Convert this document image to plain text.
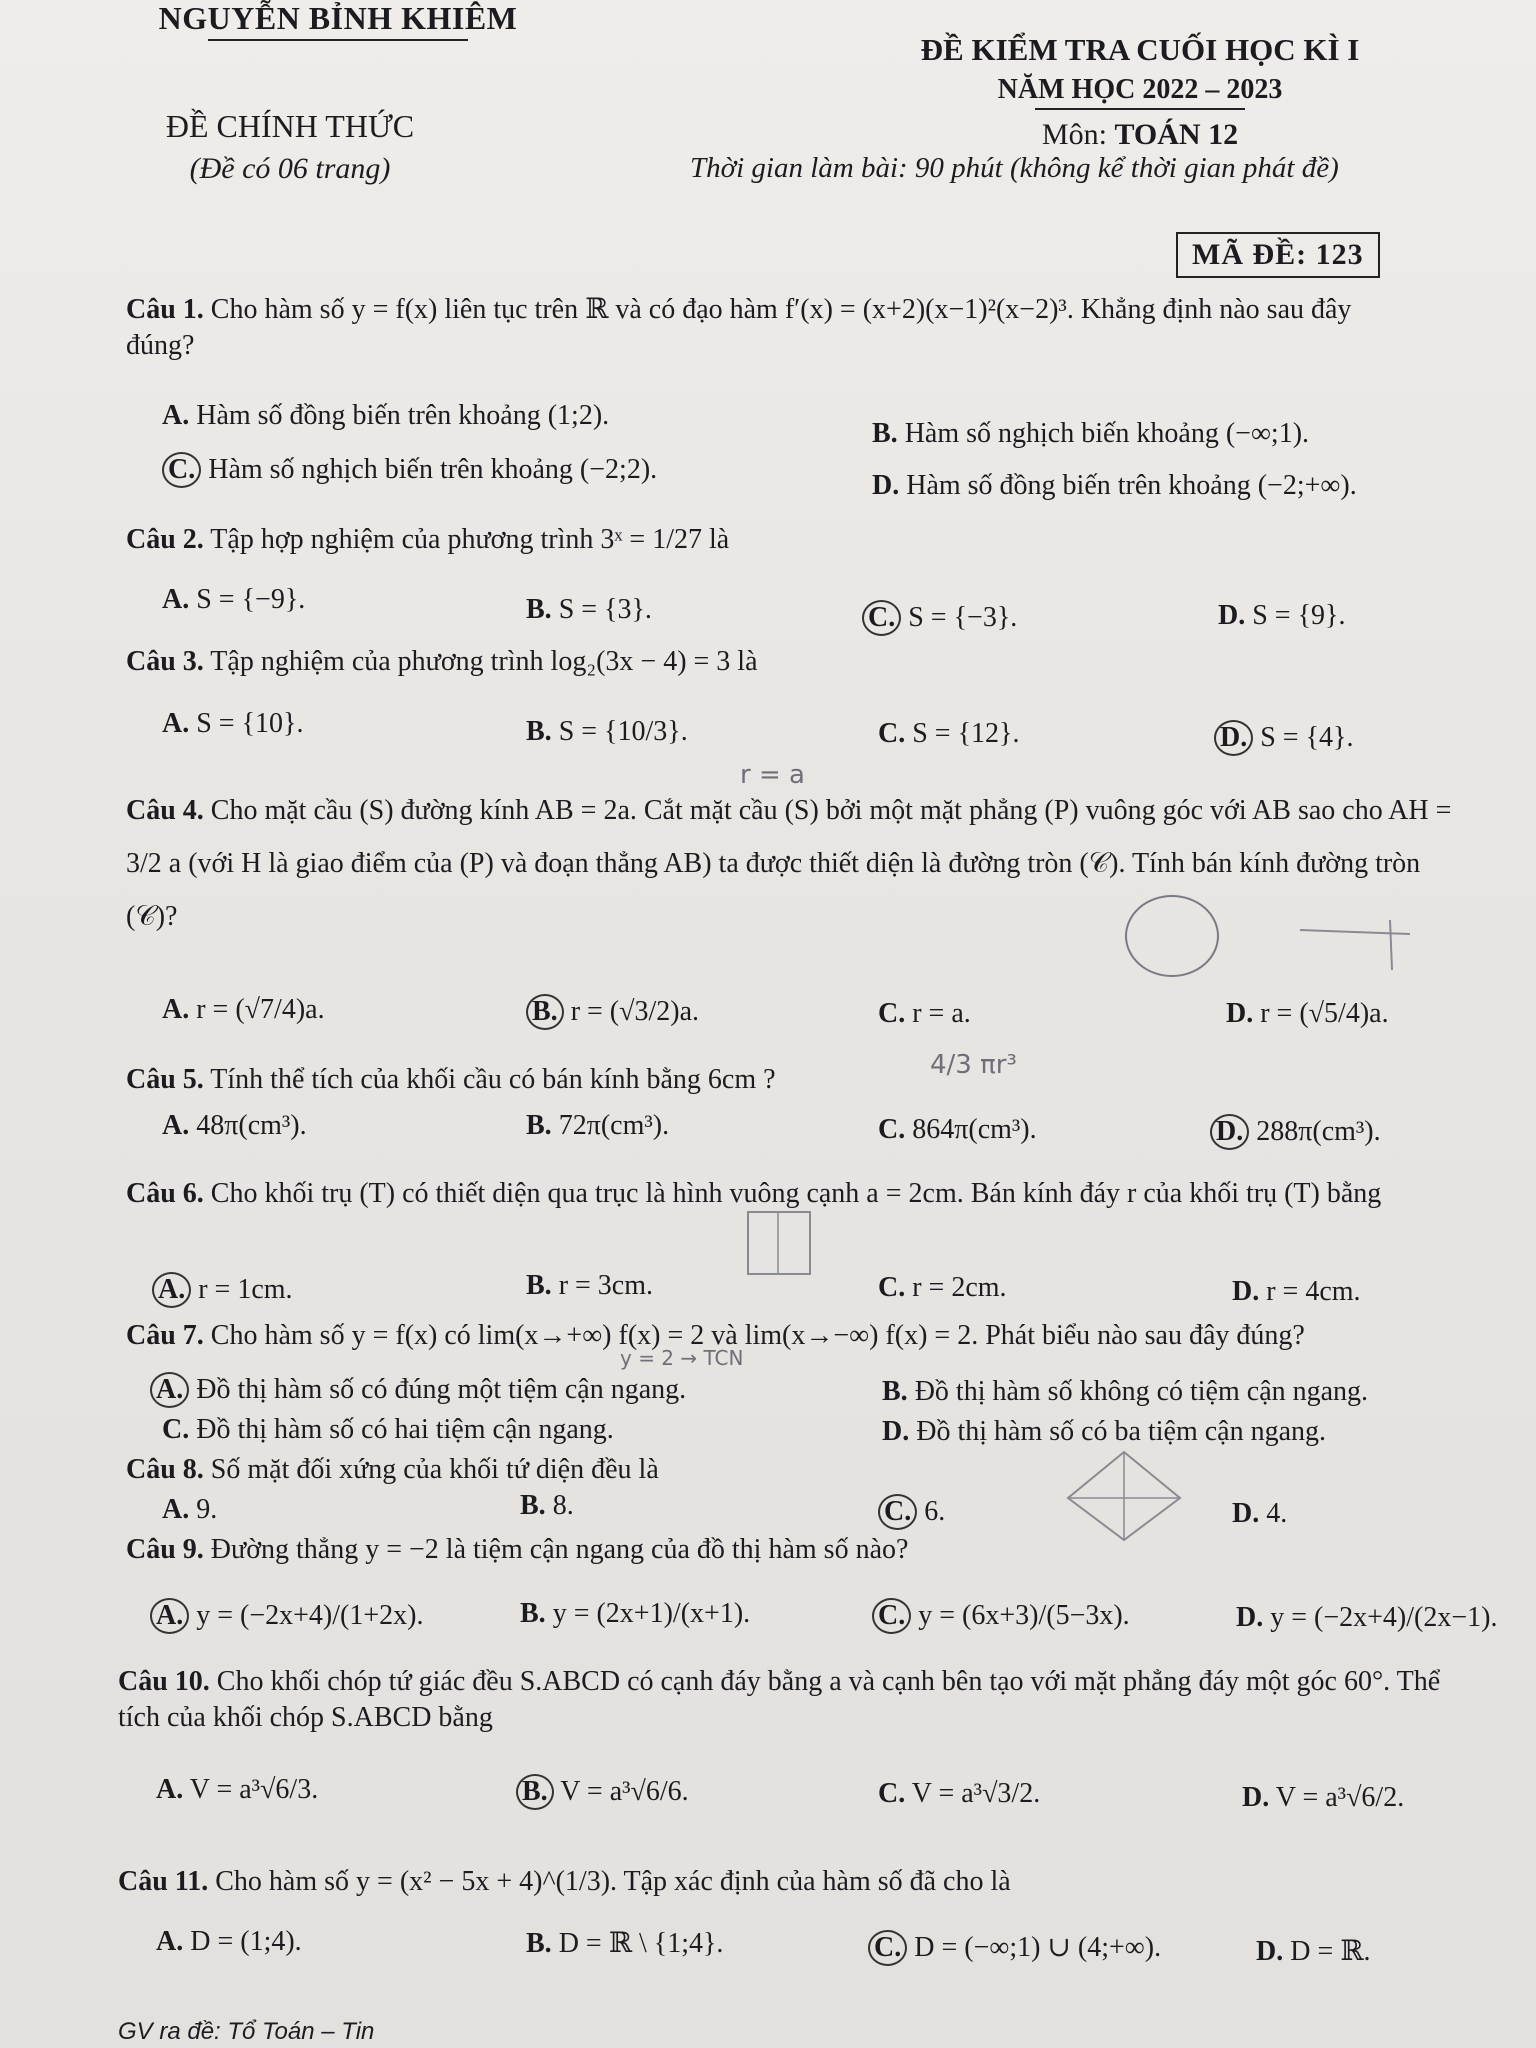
NGUYỄN BỈNH KHIÊM
ĐỀ CHÍNH THỨC
(Đề có 06 trang)
ĐỀ KIỂM TRA CUỐI HỌC KÌ I
NĂM HỌC 2022 – 2023
Môn: TOÁN 12
Thời gian làm bài: 90 phút (không kể thời gian phát đề)
MÃ ĐỀ: 123
Câu 1. Cho hàm số y = f(x) liên tục trên ℝ và có đạo hàm f′(x) = (x+2)(x−1)²(x−2)³. Khẳng định nào sau đây đúng?
A. Hàm số đồng biến trên khoảng (1;2).
B. Hàm số nghịch biến khoảng (−∞;1).
C. Hàm số nghịch biến trên khoảng (−2;2).
D. Hàm số đồng biến trên khoảng (−2;+∞).
Câu 2. Tập hợp nghiệm của phương trình 3ˣ = 1/27 là
A. S = {−9}.	B. S = {3}.	C. S = {−3}.	D. S = {9}.
Câu 3. Tập nghiệm của phương trình log₂(3x − 4) = 3 là
A. S = {10}.	B. S = {10/3}.	C. S = {12}.	D. S = {4}.
r = a
Câu 4. Cho mặt cầu (S) đường kính AB = 2a. Cắt mặt cầu (S) bởi một mặt phẳng (P) vuông góc với AB sao cho AH = 3/2 a (với H là giao điểm của (P) và đoạn thẳng AB) ta được thiết diện là đường tròn (𝒞). Tính bán kính đường tròn (𝒞)?
A. r = (√7/4)a.	B. r = (√3/2)a.	C. r = a.	D. r = (√5/4)a.
Câu 5. Tính thể tích của khối cầu có bán kính bằng 6cm ?	4/3 πr³
A. 48π(cm³).	B. 72π(cm³).	C. 864π(cm³).	D. 288π(cm³).
Câu 6. Cho khối trụ (T) có thiết diện qua trục là hình vuông cạnh a = 2cm. Bán kính đáy r của khối trụ (T) bằng
A. r = 1cm.	B. r = 3cm.	C. r = 2cm.	D. r = 4cm.
Câu 7. Cho hàm số y = f(x) có lim(x→+∞) f(x) = 2 và lim(x→−∞) f(x) = 2. Phát biểu nào sau đây đúng?
y = 2 → TCN
A. Đồ thị hàm số có đúng một tiệm cận ngang.	B. Đồ thị hàm số không có tiệm cận ngang.
C. Đồ thị hàm số có hai tiệm cận ngang.	D. Đồ thị hàm số có ba tiệm cận ngang.
Câu 8. Số mặt đối xứng của khối tứ diện đều là
A. 9.	B. 8.	C. 6.	D. 4.
Câu 9. Đường thẳng y = −2 là tiệm cận ngang của đồ thị hàm số nào?
A. y = (−2x+4)/(1+2x).	B. y = (2x+1)/(x+1).	C. y = (6x+3)/(5−3x).	D. y = (−2x+4)/(2x−1).
Câu 10. Cho khối chóp tứ giác đều S.ABCD có cạnh đáy bằng a và cạnh bên tạo với mặt phẳng đáy một góc 60°. Thể tích của khối chóp S.ABCD bằng
A. V = a³√6/3.	B. V = a³√6/6.	C. V = a³√3/2.	D. V = a³√6/2.
Câu 11. Cho hàm số y = (x² − 5x + 4)^(1/3). Tập xác định của hàm số đã cho là
A. D = (1;4).	B. D = ℝ \ {1;4}.	C. D = (−∞;1) ∪ (4;+∞).	D. D = ℝ.
GV ra đề: Tổ Toán – Tin
